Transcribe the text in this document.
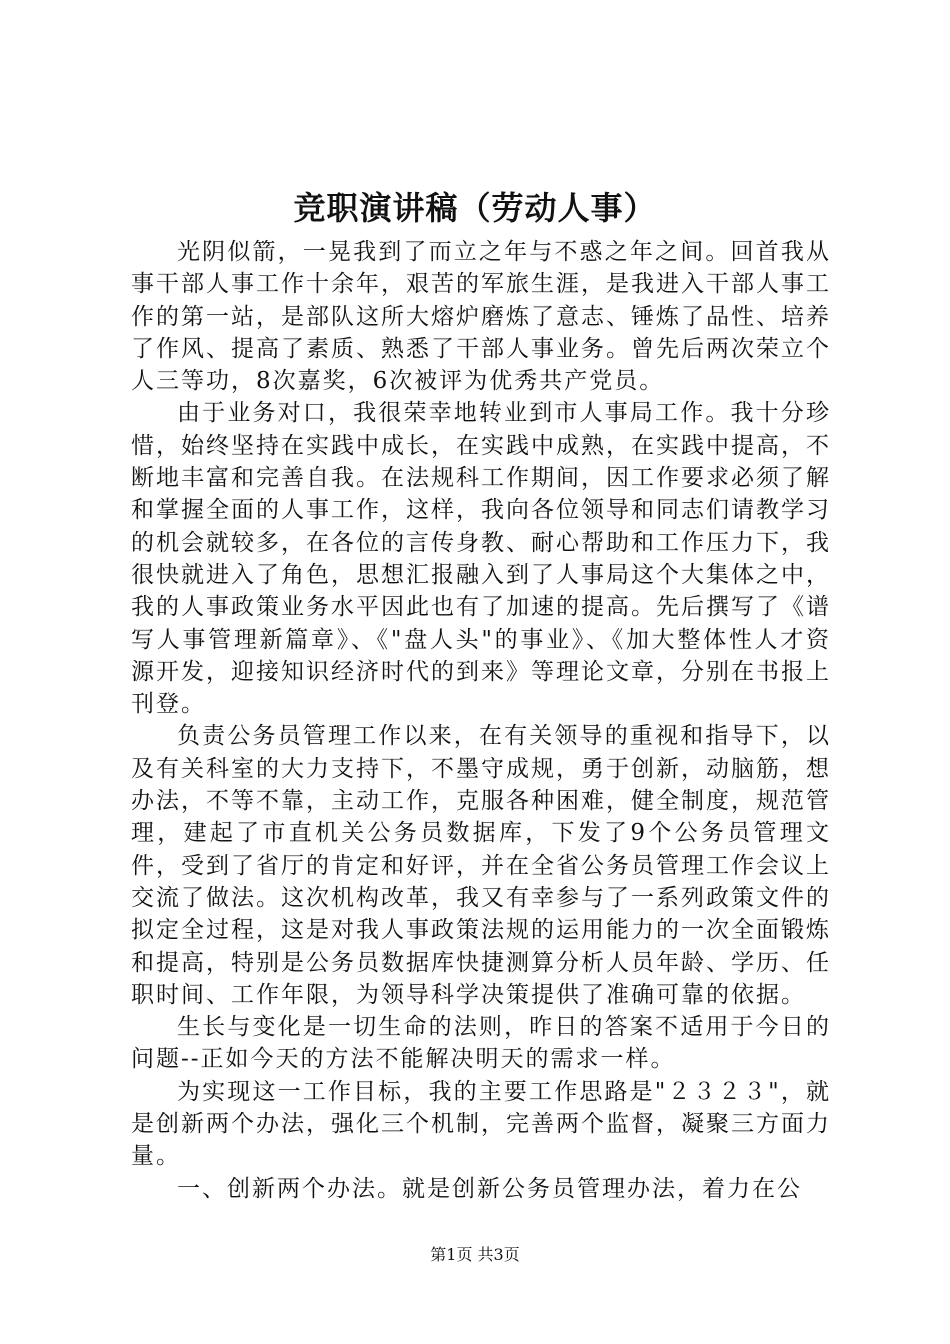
竞职演讲稿（劳动人事）

光阴似箭，一晃我到了而立之年与不惑之年之间。回首我从事干部人事工作十余年，艰苦的军旅生涯，是我进入干部人事工作的第一站，是部队这所大熔炉磨炼了意志、锤炼了品性、培养了作风、提高了素质、熟悉了干部人事业务。曾先后两次荣立个人三等功，8次嘉奖，6次被评为优秀共产党员。

由于业务对口，我很荣幸地转业到市人事局工作。我十分珍惜，始终坚持在实践中成长，在实践中成熟，在实践中提高，不断地丰富和完善自我。在法规科工作期间，因工作要求必须了解和掌握全面的人事工作，这样，我向各位领导和同志们请教学习的机会就较多，在各位的言传身教、耐心帮助和工作压力下，我很快就进入了角色，思想汇报融入到了人事局这个大集体之中，我的人事政策业务水平因此也有了加速的提高。先后撰写了《谱写人事管理新篇章》、《"盘人头"的事业》、《加大整体性人才资源开发，迎接知识经济时代的到来》等理论文章，分别在书报上刊登。

负责公务员管理工作以来，在有关领导的重视和指导下，以及有关科室的大力支持下，不墨守成规，勇于创新，动脑筋，想办法，不等不靠，主动工作，克服各种困难，健全制度，规范管理，建起了市直机关公务员数据库，下发了9个公务员管理文件，受到了省厅的肯定和好评，并在全省公务员管理工作会议上交流了做法。这次机构改革，我又有幸参与了一系列政策文件的拟定全过程，这是对我人事政策法规的运用能力的一次全面锻炼和提高，特别是公务员数据库快捷测算分析人员年龄、学历、任职时间、工作年限，为领导科学决策提供了准确可靠的依据。

生长与变化是一切生命的法则，昨日的答案不适用于今日的问题--正如今天的方法不能解决明天的需求一样。

为实现这一工作目标，我的主要工作思路是"２３２３"，就是创新两个办法，强化三个机制，完善两个监督，凝聚三方面力量。

一、创新两个办法。就是创新公务员管理办法，着力在公

第1页 共3页
